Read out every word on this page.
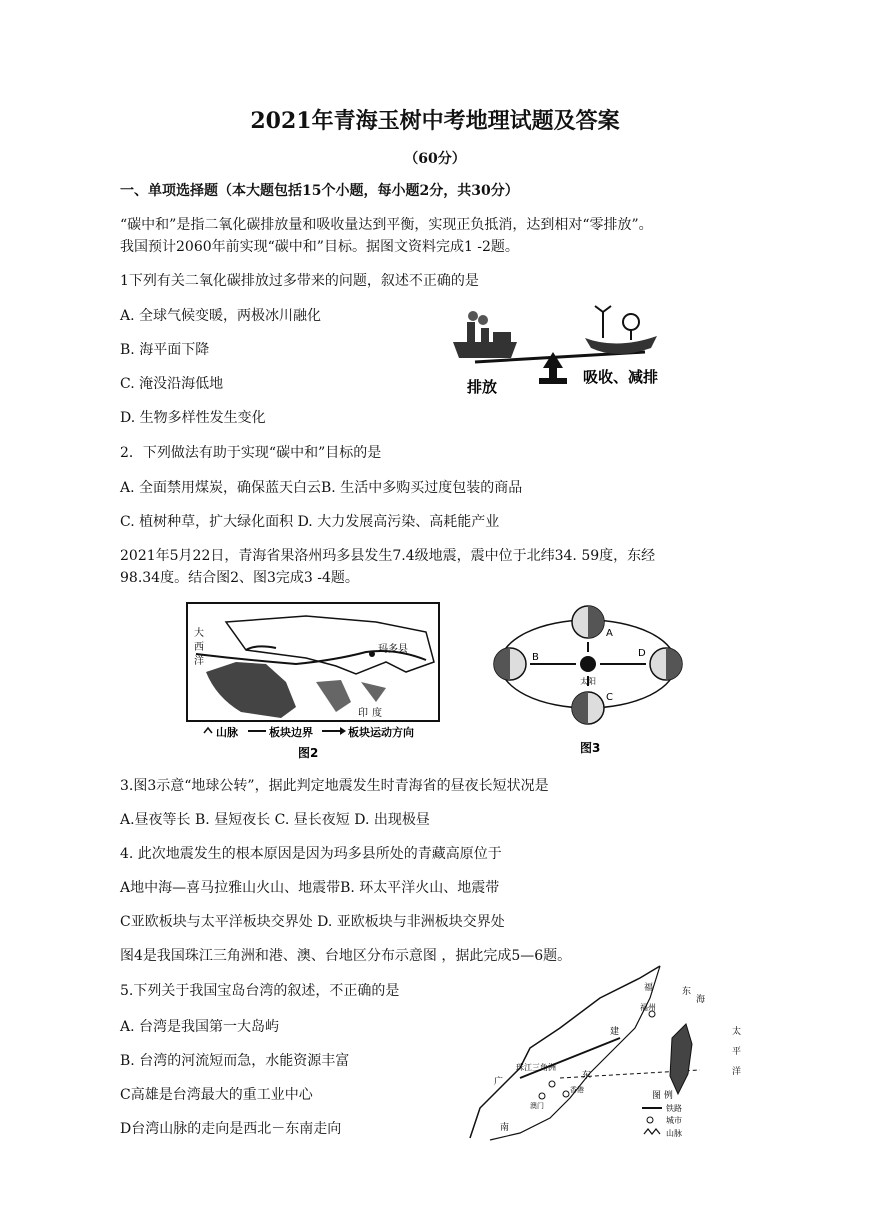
2021年青海玉树中考地理试题及答案
（60分）
一、单项选择题（本大题包括15个小题，每小题2分，共30分）
“碳中和”是指二氧化碳排放量和吸收量达到平衡，实现正负抵消，达到相对“零排放”。
我国预计2060年前实现“碳中和”目标。据图文资料完成1 -2题。
1下列有关二氧化碳排放过多带来的问题，叙述不正确的是
A. 全球气候变暖，两极冰川融化
B. 海平面下降
C. 淹没沿海低地
D. 生物多样性发生变化
排放
吸收、减排
2．下列做法有助于实现“碳中和”目标的是
A. 全面禁用煤炭，确保蓝天白云B. 生活中多购买过度包装的商品
C. 植树种草，扩大绿化面积 D. 大力发展高污染、高耗能产业
2021年5月22日，青海省果洛州玛多县发生7.4级地震，震中位于北纬34. 59度，东经
98.34度。结合图2、图3完成3 -4题。
玛多县
大
西
洋
印 度
山脉	板块边界	板块运动方向
图2
太阳
A
B
C
D
图3
3.图3示意“地球公转”，据此判定地震发生时青海省的昼夜长短状况是
A.昼夜等长 B. 昼短夜长 C. 昼长夜短 D. 出现极昼
4. 此次地震发生的根本原因是因为玛多县所处的青藏高原位于
A地中海—喜马拉雅山火山、地震带B. 环太平洋火山、地震带
C亚欧板块与太平洋板块交界处 D. 亚欧板块与非洲板块交界处
图4是我国珠江三角洲和港、澳、台地区分布示意图 ，据此完成5—6题。
5.下列关于我国宝岛台湾的叙述，不正确的是
A. 台湾是我国第一大岛屿
B. 台湾的河流短而急，水能资源丰富
C高雄是台湾最大的重工业中心
D台湾山脉的走向是西北－东南走向
福
建
福州
东
海
太
平
洋
珠江三角洲
广
东
香港
澳门
南
图 例
铁路
城市
山脉
